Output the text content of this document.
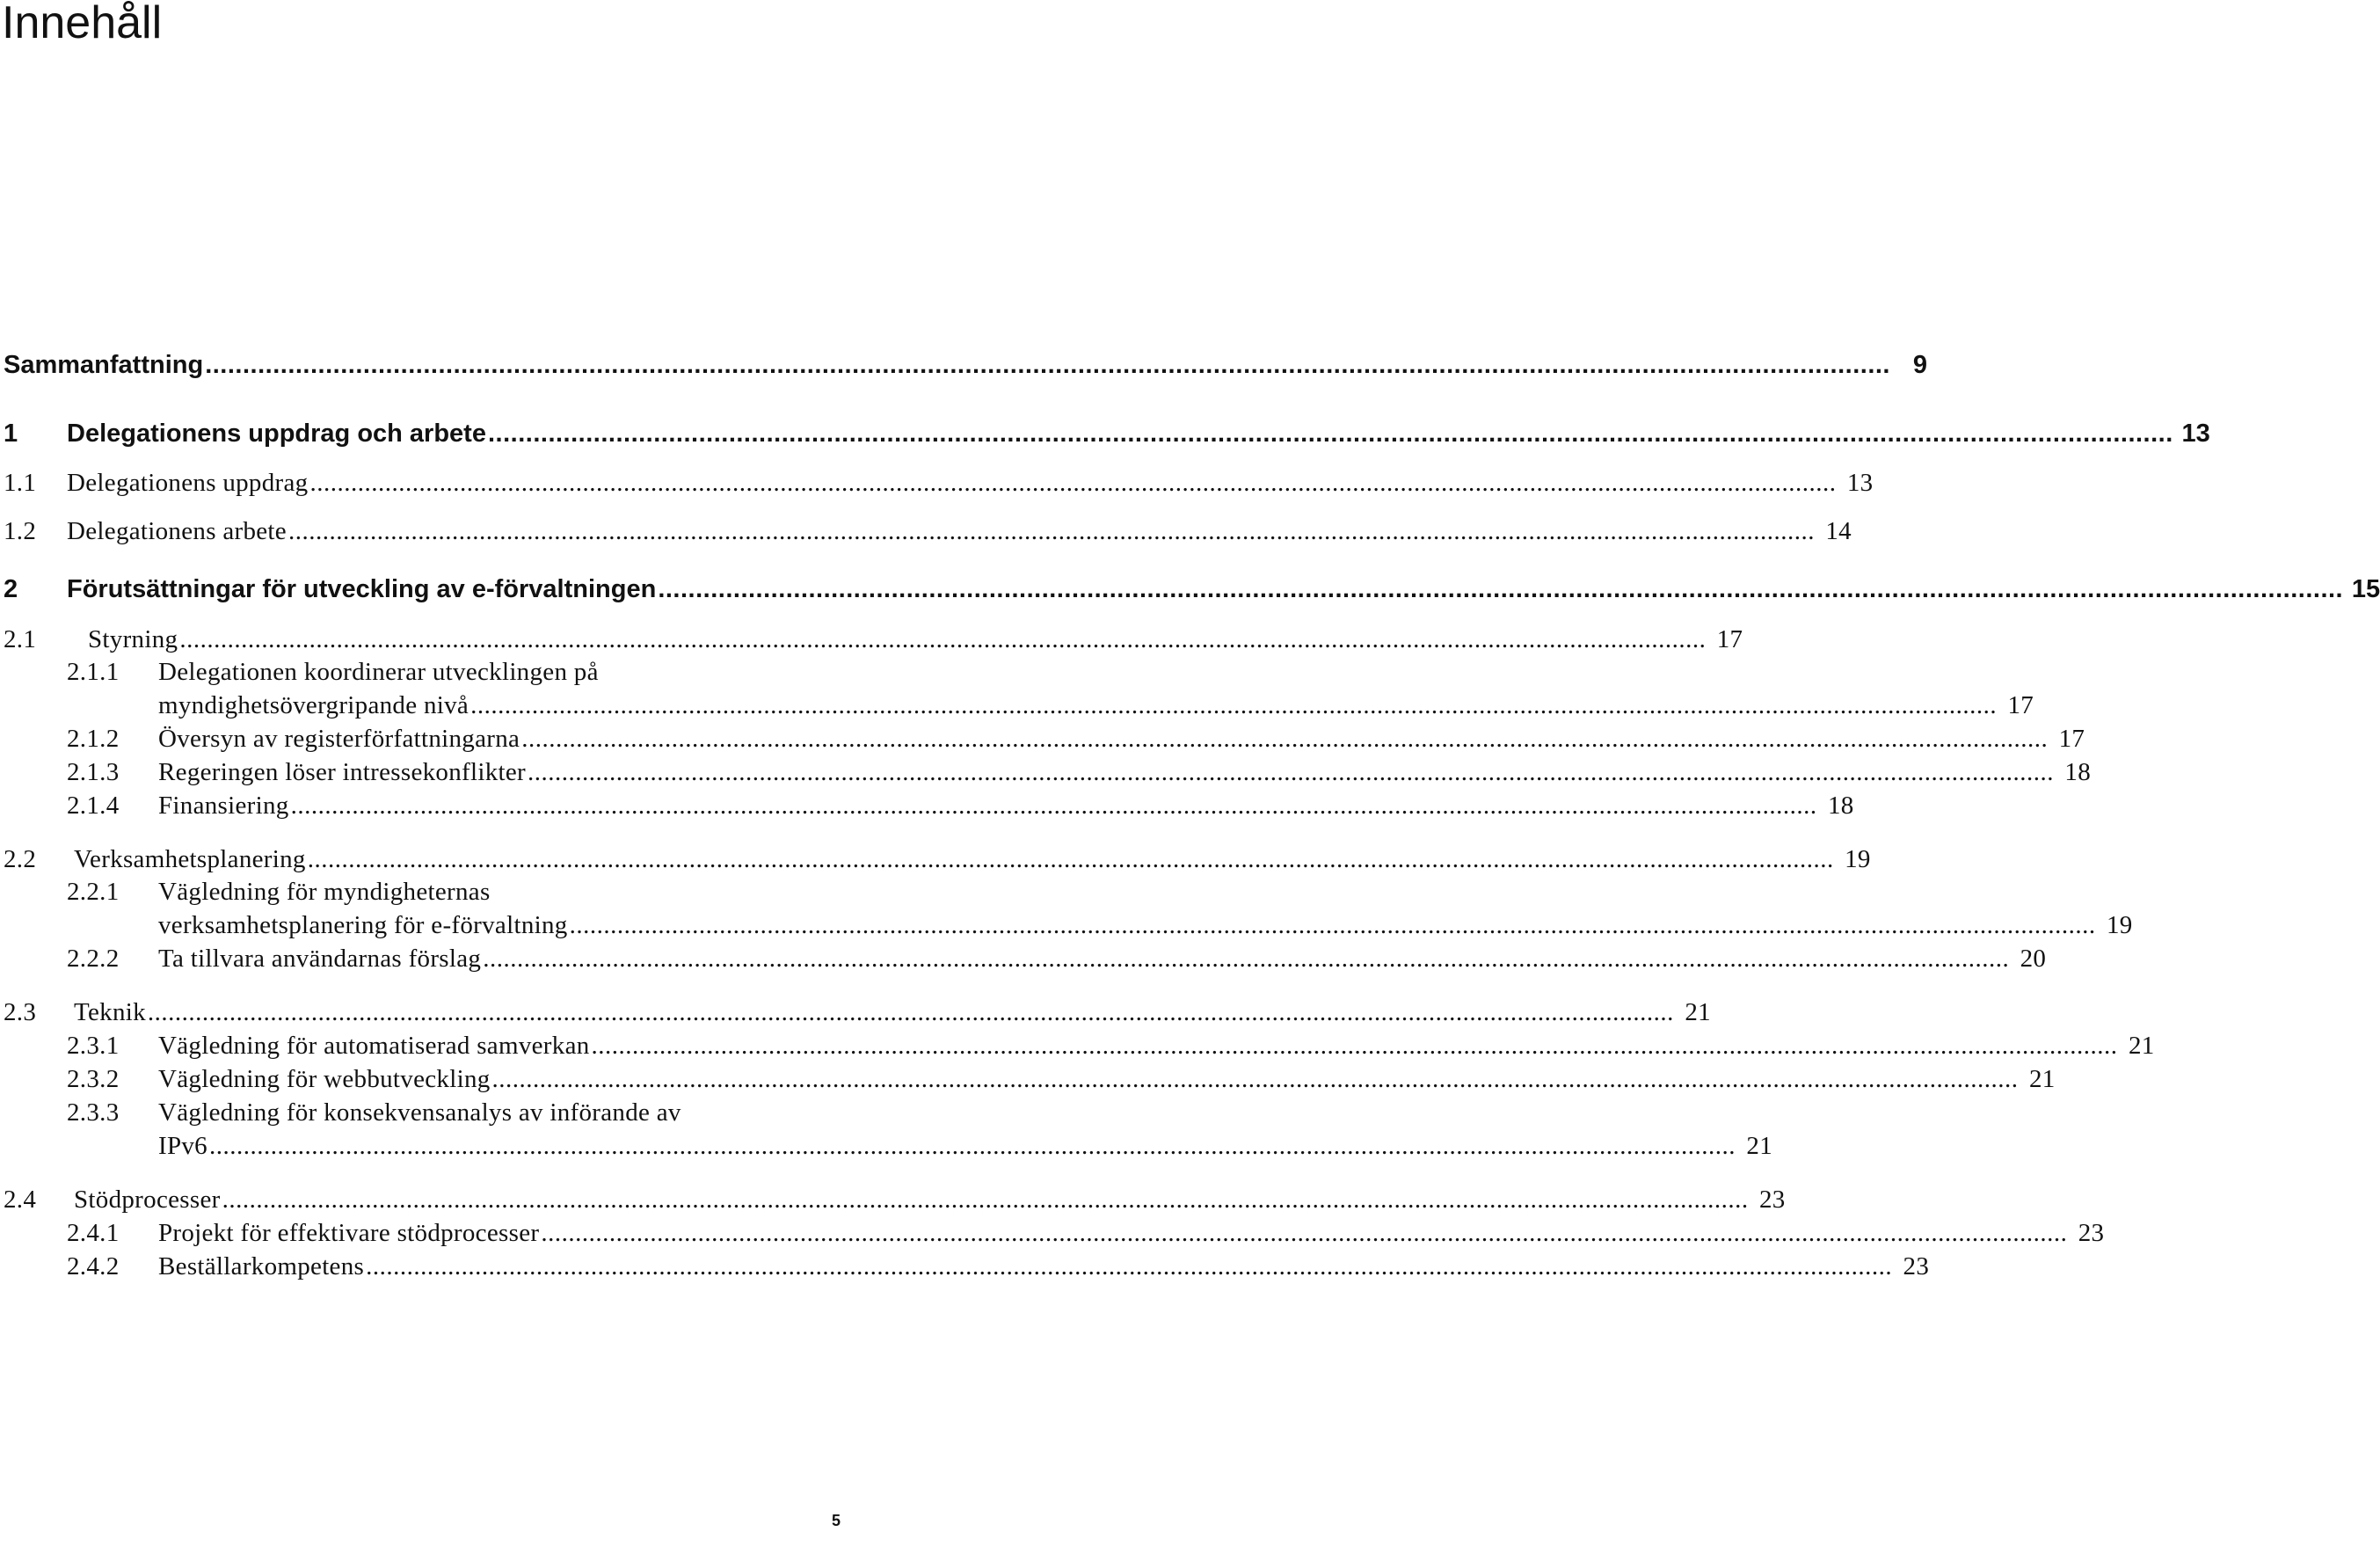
Innehåll
Sammanfattning ................................................................................................................................................................................................................................ 9
1	Delegationens uppdrag och arbete ................................................................................................................................................................................................................................ 13
1.1	Delegationens uppdrag ................................................................................................................................................................................................................................ 13
1.2	Delegationens arbete ................................................................................................................................................................................................................................ 14
2	Förutsättningar för utveckling av e-förvaltningen ................................................................................................................................................................................................................................ 15
2.1	Styrning ................................................................................................................................................................................................................................ 17
2.1.1 Delegationen koordinerar utvecklingen på
myndighetsövergripande nivå ................................................................................................................................................................................................................................ 17
2.1.2	Översyn av registerförfattningarna ................................................................................................................................................................................................................................ 17
2.1.3	Regeringen löser intressekonflikter ................................................................................................................................................................................................................................ 18
2.1.4	Finansiering ................................................................................................................................................................................................................................ 18
2.2	Verksamhetsplanering ................................................................................................................................................................................................................................ 19
2.2.1 Vägledning för myndigheternas
verksamhetsplanering för e-förvaltning ................................................................................................................................................................................................................................ 19
2.2.2	Ta tillvara användarnas förslag ................................................................................................................................................................................................................................ 20
2.3	Teknik ................................................................................................................................................................................................................................ 21
2.3.1	Vägledning för automatiserad samverkan ................................................................................................................................................................................................................................ 21
2.3.2	Vägledning för webbutveckling ................................................................................................................................................................................................................................ 21
2.3.3 Vägledning för konsekvensanalys av införande av
IPv6 ................................................................................................................................................................................................................................ 21
2.4	Stödprocesser ................................................................................................................................................................................................................................ 23
2.4.1	Projekt för effektivare stödprocesser ................................................................................................................................................................................................................................ 23
2.4.2	Beställarkompetens ................................................................................................................................................................................................................................ 23
5
